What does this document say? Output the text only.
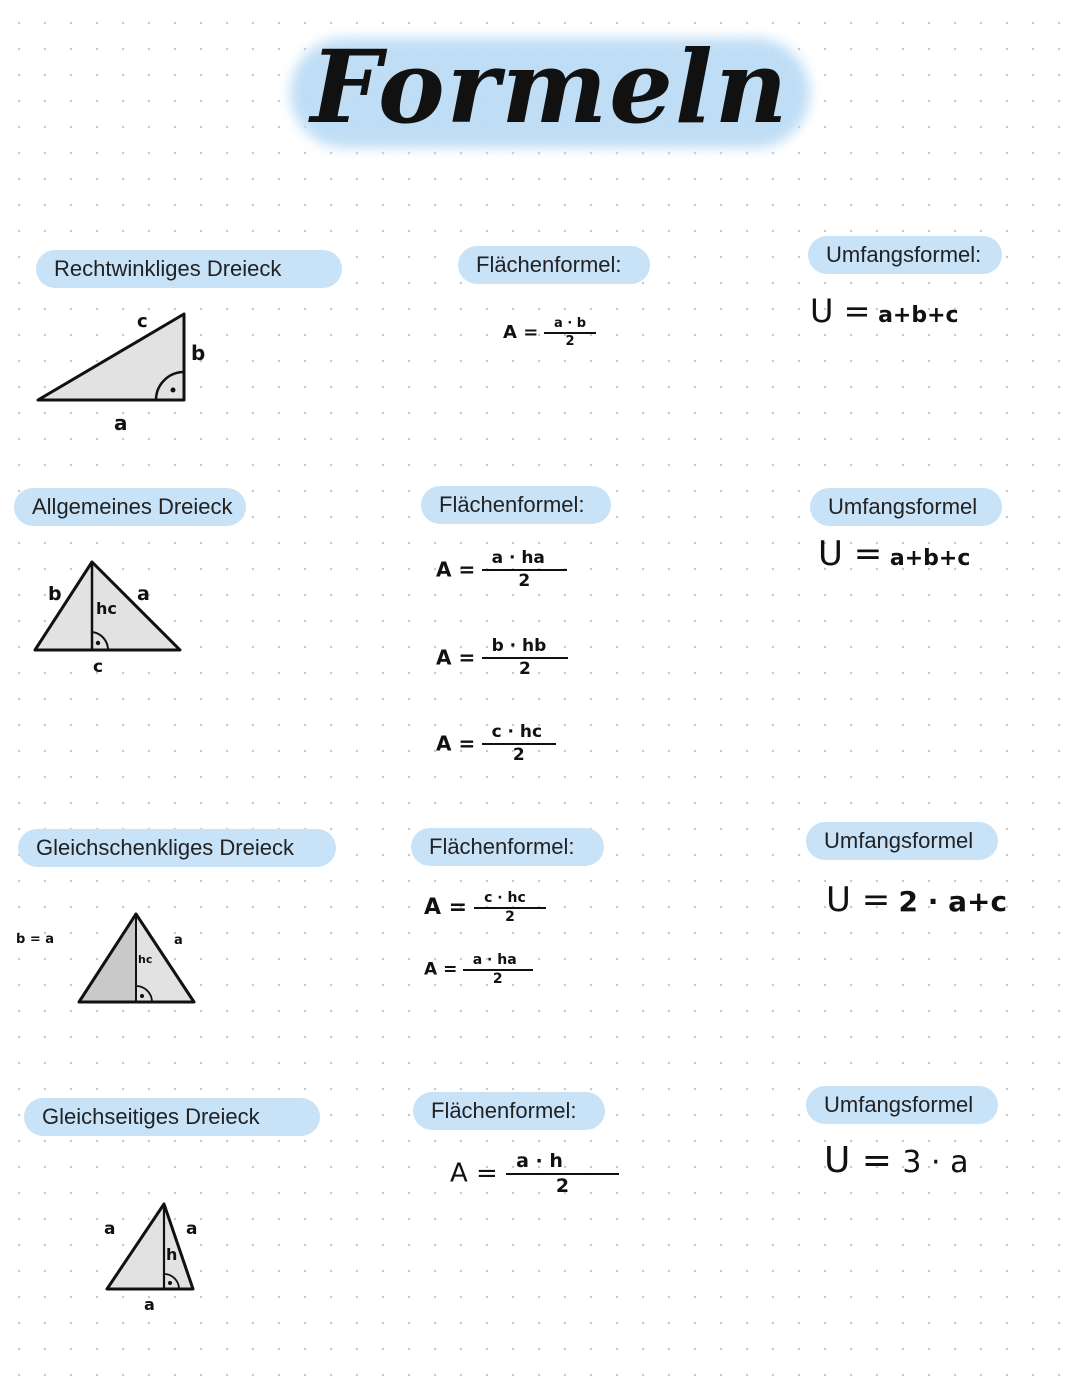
Formeln
Rechtwinkliges Dreieck	Flächenformel:	Umfangsformel:
c
b
a
$A = \frac{a \cdot b}{2}$
U = a+b+c
Allgemeines Dreieck	Flächenformel:	Umfangsformel
b	a
hc
c
$A = \frac{a \cdot ha}{2}$
$A = \frac{b \cdot hb}{2}$
$A = \frac{c \cdot hc}{2}$
U = a+b+c
Gleichschenkliges Dreieck	Flächenformel:	Umfangsformel
b = a	a
hc
$A = \frac{c \cdot hc}{2}$
$A = \frac{a \cdot ha}{2}$
U = 2 · a+c
Gleichseitiges Dreieck	Flächenformel:	Umfangsformel
a	a
h
a
$A = \frac{a \cdot h}{2}$	U = 3 · a
